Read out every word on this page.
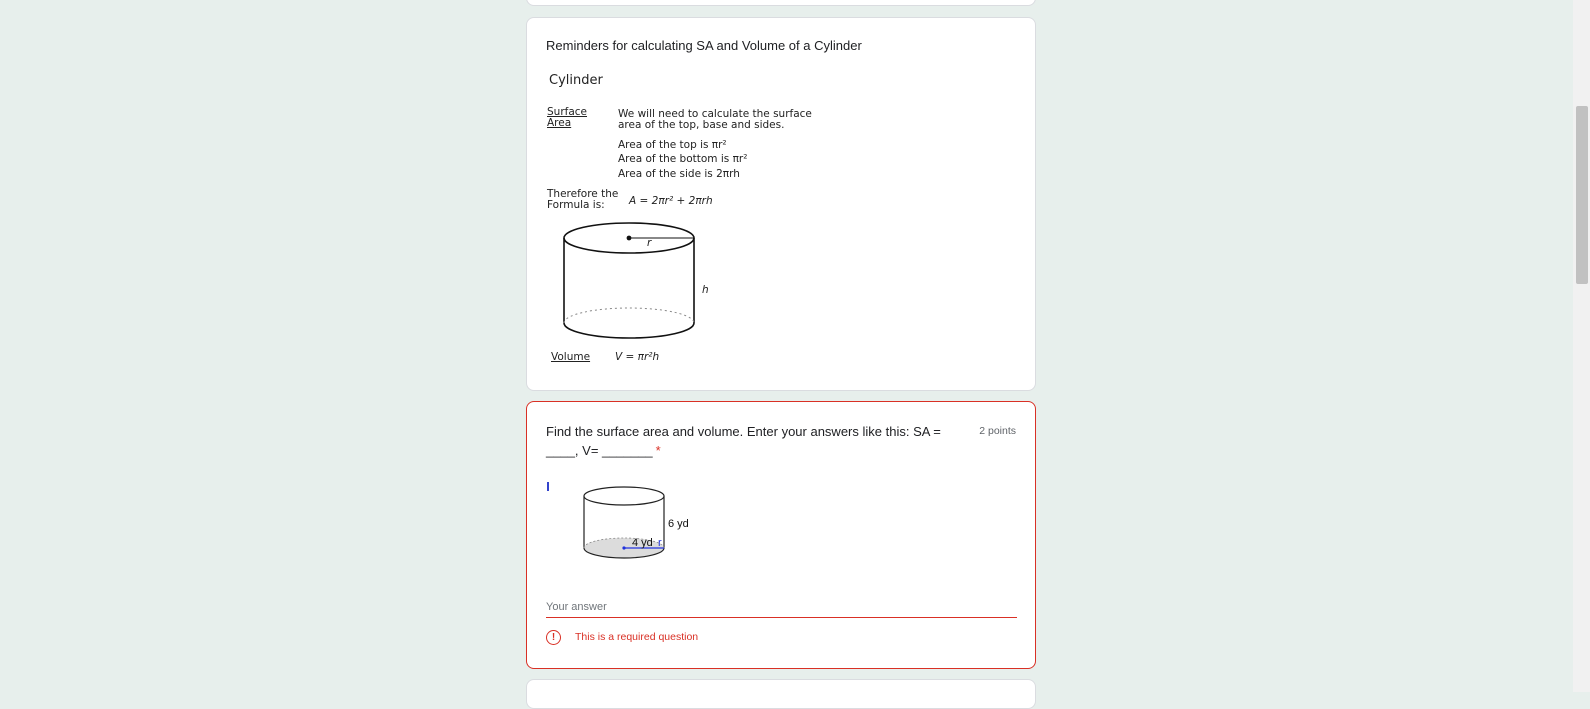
Reminders for calculating SA and Volume of a Cylinder
Cylinder
Surface
Area
We will need to calculate the surface
area of the top, base and sides.
Area of the top is πr²
Area of the bottom is πr²
Area of the side is 2πrh
Therefore the
Formula is: A = 2πr² + 2πrh
r
h
Volume V = πr²h
Find the surface area and volume. Enter your answers like this: SA = ____, V= _______ *
2 points
6 yd
4 yd r
Your answer
!	This is a required question
